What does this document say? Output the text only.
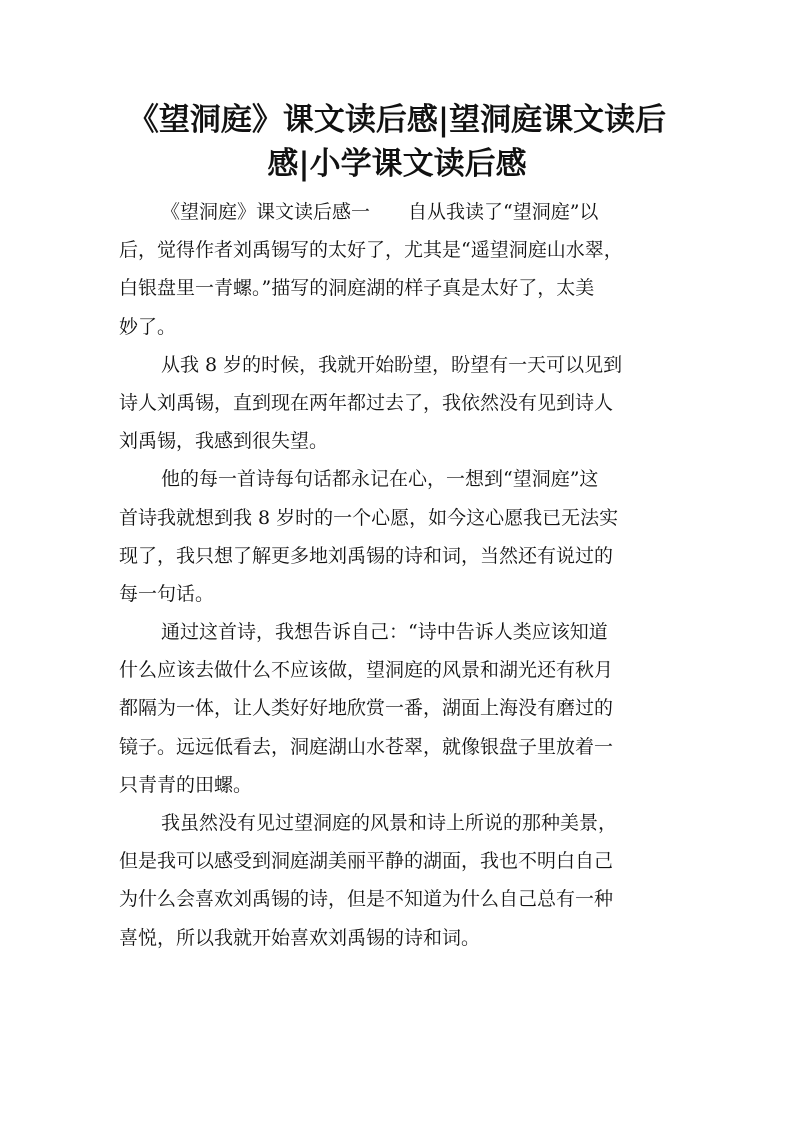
《望洞庭》课文读后感|望洞庭课文读后
感|小学课文读后感
《望洞庭》课文读后感一　　自从我读了“望洞庭”以
后，觉得作者刘禹锡写的太好了，尤其是“遥望洞庭山水翠，
白银盘里一青螺。”描写的洞庭湖的样子真是太好了，太美
妙了。
从我 8 岁的时候，我就开始盼望，盼望有一天可以见到
诗人刘禹锡，直到现在两年都过去了，我依然没有见到诗人
刘禹锡，我感到很失望。
他的每一首诗每句话都永记在心，一想到“望洞庭”这
首诗我就想到我 8 岁时的一个心愿，如今这心愿我已无法实
现了，我只想了解更多地刘禹锡的诗和词，当然还有说过的
每一句话。
通过这首诗，我想告诉自己：“诗中告诉人类应该知道
什么应该去做什么不应该做，望洞庭的风景和湖光还有秋月
都隔为一体，让人类好好地欣赏一番，湖面上海没有磨过的
镜子。远远低看去，洞庭湖山水苍翠，就像银盘子里放着一
只青青的田螺。
我虽然没有见过望洞庭的风景和诗上所说的那种美景，
但是我可以感受到洞庭湖美丽平静的湖面，我也不明白自己
为什么会喜欢刘禹锡的诗，但是不知道为什么自己总有一种
喜悦，所以我就开始喜欢刘禹锡的诗和词。
